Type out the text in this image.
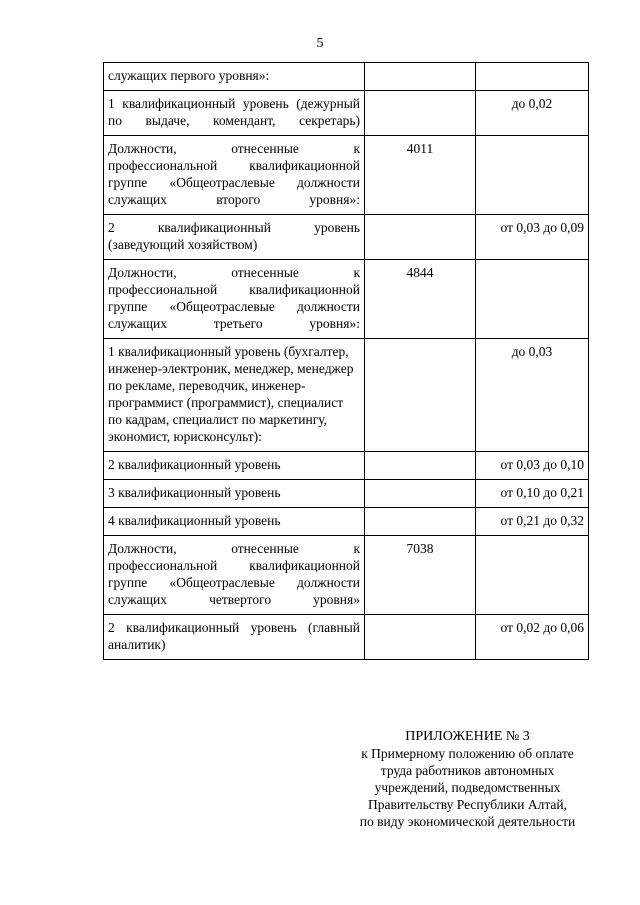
5
служащих первого уровня»:		
1 квалификационный уровень (дежурный по выдаче, комендант, секретарь)		до 0,02
Должности, отнесенные к профессиональной квалификационной группе «Общеотраслевые должности служащих второго уровня»:	4011	
2 квалификационный уровень (заведующий хозяйством)		от 0,03 до 0,09
Должности, отнесенные к профессиональной квалификационной группе «Общеотраслевые должности служащих третьего уровня»:	4844	
1 квалификационный уровень (бухгалтер, инженер-электроник, менеджер, менеджер по рекламе, переводчик, инженер-программист (программист), специалист по кадрам, специалист по маркетингу, экономист, юрисконсульт):		до 0,03
2 квалификационный уровень		от 0,03 до 0,10
3 квалификационный уровень		от 0,10 до 0,21
4 квалификационный уровень		от 0,21 до 0,32
Должности, отнесенные к профессиональной квалификационной группе «Общеотраслевые должности служащих четвертого уровня»	7038	
2 квалификационный уровень (главный аналитик)		от 0,02 до 0,06
ПРИЛОЖЕНИЕ № 3
к Примерному положению об оплате
труда работников автономных
учреждений, подведомственных
Правительству Республики Алтай,
по виду экономической деятельности
